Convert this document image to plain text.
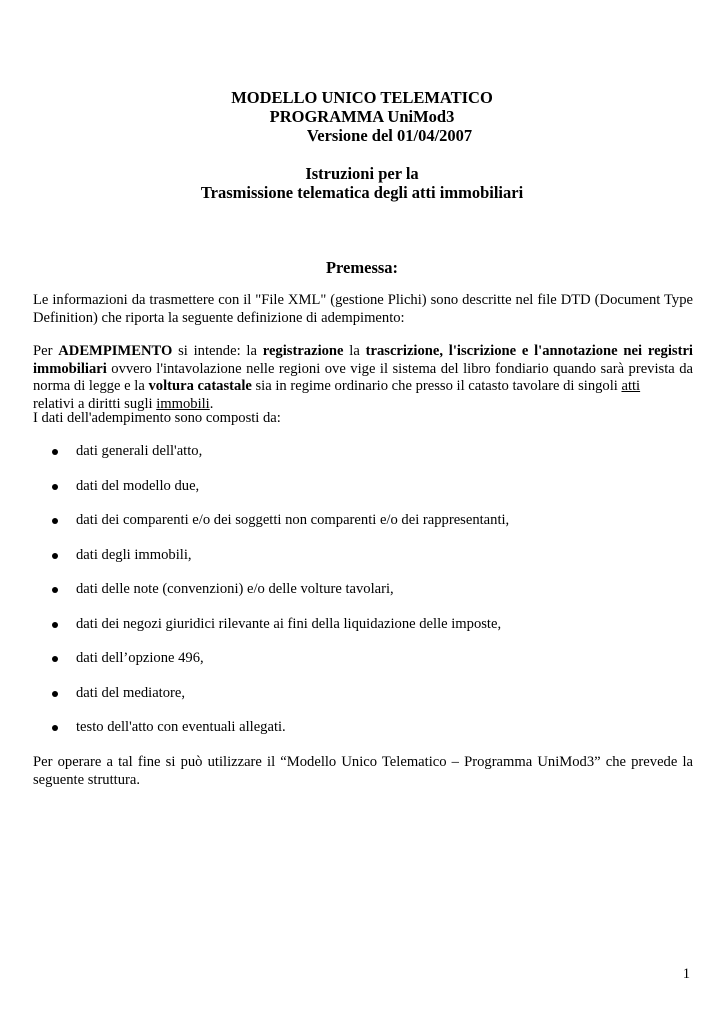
MODELLO UNICO TELEMATICO
PROGRAMMA UniMod3
Versione del 01/04/2007
Istruzioni per la
Trasmissione telematica degli atti immobiliari
Premessa:
Le informazioni da trasmettere con il "File XML" (gestione Plichi) sono descritte nel file DTD (Document Type Definition) che riporta la seguente definizione di adempimento:
Per ADEMPIMENTO si intende: la registrazione la trascrizione, l'iscrizione e l'annotazione nei registri immobiliari ovvero l'intavolazione nelle regioni ove vige il sistema del libro fondiario quando sarà prevista da norma di legge e la voltura catastale sia in regime ordinario che presso il catasto tavolare di singoli atti
relativi a diritti sugli immobili.
I dati dell'adempimento sono composti da:
dati generali dell'atto,
dati del modello due,
dati dei comparenti e/o dei soggetti non comparenti e/o dei rappresentanti,
dati degli immobili,
dati delle note (convenzioni) e/o delle volture tavolari,
dati dei negozi giuridici rilevante ai fini della liquidazione delle imposte,
dati dell’opzione 496,
dati del mediatore,
testo dell'atto con eventuali allegati.
Per operare a tal fine si può utilizzare il “Modello Unico Telematico – Programma UniMod3” che prevede la seguente struttura.
1
